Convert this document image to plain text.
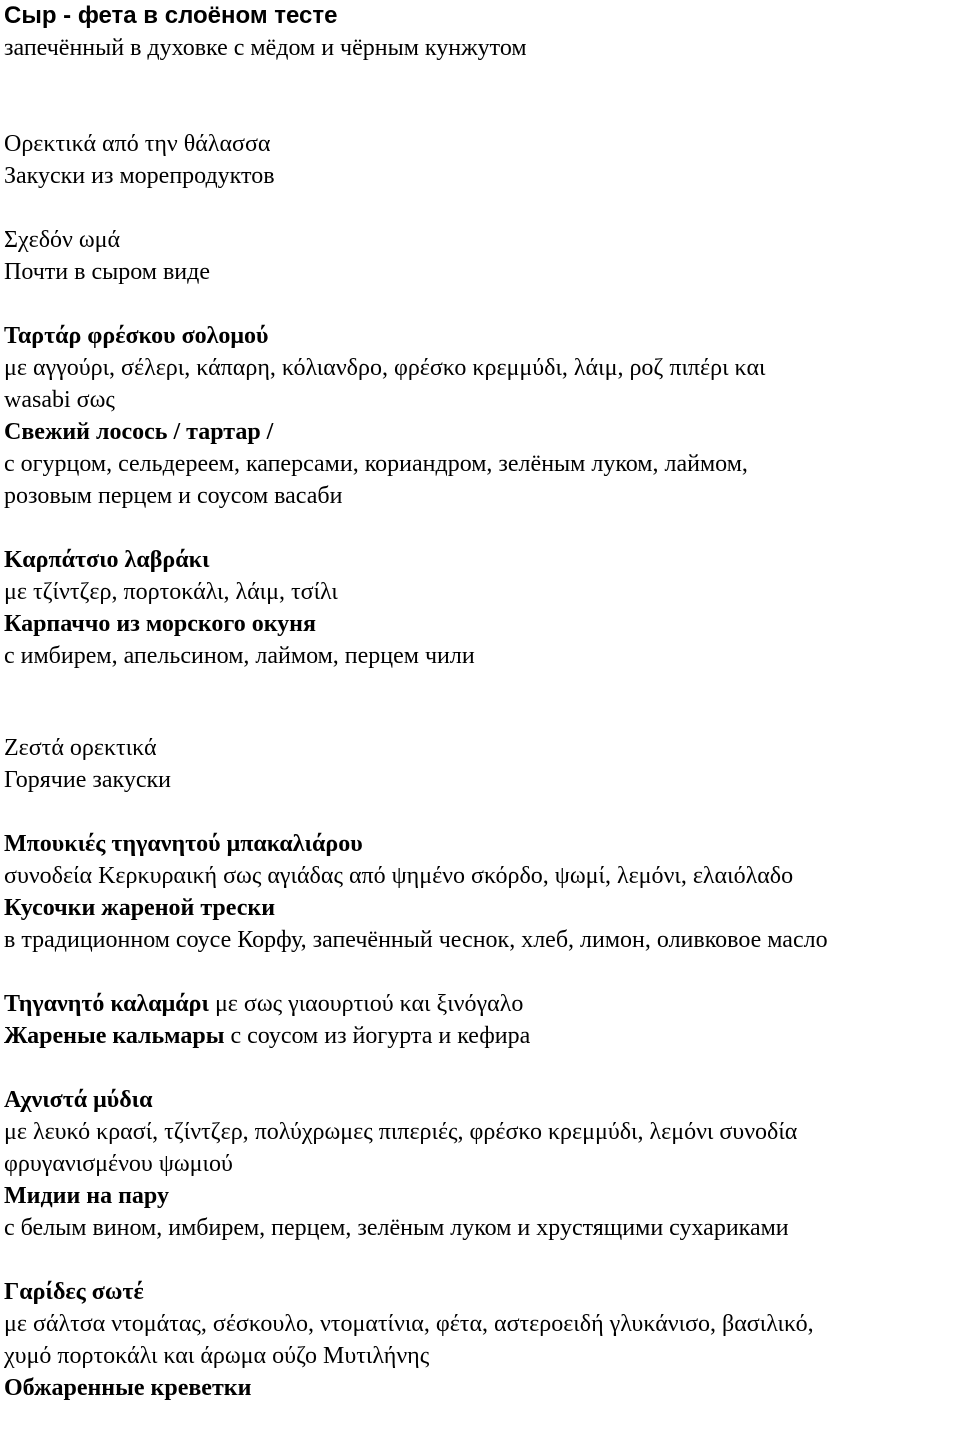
Сыр - фета в слоёном тесте
запечённый в духовке с мёдом и чёрным кунжутом
Ορεκτικά από την θάλασσα
Закуски из морепродуктов
Σχεδόν ωμά
Почти в сыром виде
Ταρτάρ φρέσκου σολομού
με αγγούρι, σέλερι, κάπαρη, κόλιανδρο, φρέσκο κρεμμύδι, λάιμ, ροζ πιπέρι και
wasabi σως
Свежий лосось / тартар /
с огурцом, сельдереем, каперсами, кориандром, зелёным луком, лаймом,
розовым перцем и соусом васаби
Καρπάτσιο λαβράκι
με τζίντζερ, πορτοκάλι, λάιμ, τσίλι
Карпаччо из морского окуня
с имбирем, апельсином, лаймом, перцем чили
Ζεστά ορεκτικά
Горячие закуски
Μπουκιές τηγανητού μπακαλιάρου
συνοδεία Κερκυραική σως αγιάδας από ψημένο σκόρδο, ψωμί, λεμόνι, ελαιόλαδο
Кусочки жареной трески
в традиционном соусе Корфу, запечённый чеснок, хлеб, лимон, оливковое масло
Τηγανητό καλαμάρι με σως γιαουρτιού και ξινόγαλο
Жареные кальмары с соусом из йогурта и кефира
Αχνιστά μύδια
με λευκό κρασί, τζίντζερ, πολύχρωμες πιπεριές, φρέσκο κρεμμύδι, λεμόνι συνοδία
φρυγανισμένου ψωμιού
Мидии на пару
с белым вином, имбирем, перцем, зелёным луком и хрустящими сухариками
Γαρίδες σωτέ
με σάλτσα ντομάτας, σέσκουλο, ντοματίνια, φέτα, αστεροειδή γλυκάνισο, βασιλικό,
χυμό πορτοκάλι και άρωμα ούζο Μυτιλήνης
Обжаренные креветки
